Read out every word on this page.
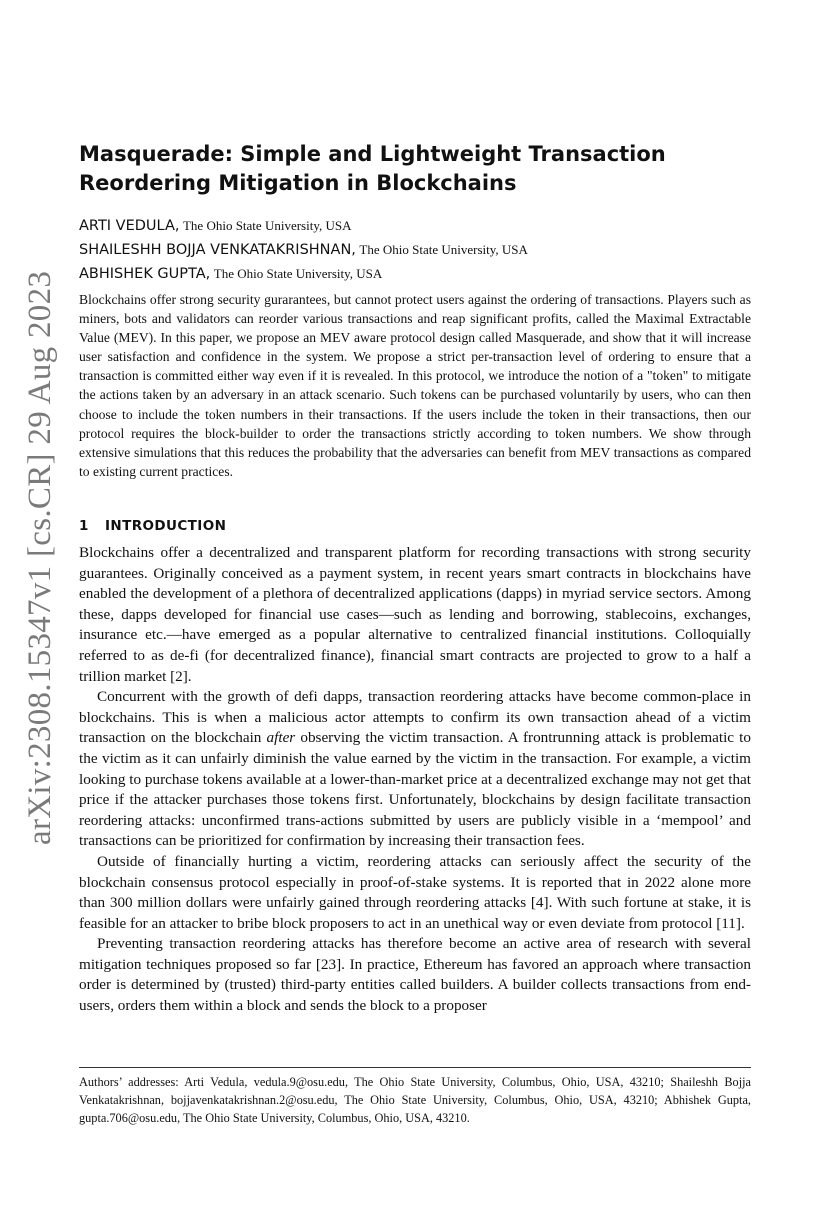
arXiv:2308.15347v1 [cs.CR] 29 Aug 2023
Masquerade: Simple and Lightweight Transaction Reordering Mitigation in Blockchains
ARTI VEDULA, The Ohio State University, USA
SHAILESHH BOJJA VENKATAKRISHNAN, The Ohio State University, USA
ABHISHEK GUPTA, The Ohio State University, USA

Blockchains offer strong security gurarantees, but cannot protect users against the ordering of transactions. Players such as miners, bots and validators can reorder various transactions and reap significant profits, called the Maximal Extractable Value (MEV). In this paper, we propose an MEV aware protocol design called Masquerade, and show that it will increase user satisfaction and confidence in the system. We propose a strict per-transaction level of ordering to ensure that a transaction is committed either way even if it is revealed. In this protocol, we introduce the notion of a "token" to mitigate the actions taken by an adversary in an attack scenario. Such tokens can be purchased voluntarily by users, who can then choose to include the token numbers in their transactions. If the users include the token in their transactions, then our protocol requires the block-builder to order the transactions strictly according to token numbers. We show through extensive simulations that this reduces the probability that the adversaries can benefit from MEV transactions as compared to existing current practices.

1 INTRODUCTION

Blockchains offer a decentralized and transparent platform for recording transactions with strong security guarantees. Originally conceived as a payment system, in recent years smart contracts in blockchains have enabled the development of a plethora of decentralized applications (dapps) in myriad service sectors. Among these, dapps developed for financial use cases—such as lending and borrowing, stablecoins, exchanges, insurance etc.—have emerged as a popular alternative to centralized financial institutions. Colloquially referred to as de-fi (for decentralized finance), financial smart contracts are projected to grow to a half a trillion market [2].

Concurrent with the growth of defi dapps, transaction reordering attacks have become common-place in blockchains. This is when a malicious actor attempts to confirm its own transaction ahead of a victim transaction on the blockchain after observing the victim transaction. A frontrunning attack is problematic to the victim as it can unfairly diminish the value earned by the victim in the transaction. For example, a victim looking to purchase tokens available at a lower-than-market price at a decentralized exchange may not get that price if the attacker purchases those tokens first. Unfortunately, blockchains by design facilitate transaction reordering attacks: unconfirmed trans-actions submitted by users are publicly visible in a ‘mempool’ and transactions can be prioritized for confirmation by increasing their transaction fees.

Outside of financially hurting a victim, reordering attacks can seriously affect the security of the blockchain consensus protocol especially in proof-of-stake systems. It is reported that in 2022 alone more than 300 million dollars were unfairly gained through reordering attacks [4]. With such fortune at stake, it is feasible for an attacker to bribe block proposers to act in an unethical way or even deviate from protocol [11].

Preventing transaction reordering attacks has therefore become an active area of research with several mitigation techniques proposed so far [23]. In practice, Ethereum has favored an approach where transaction order is determined by (trusted) third-party entities called builders. A builder collects transactions from end-users, orders them within a block and sends the block to a proposer

Authors’ addresses: Arti Vedula, vedula.9@osu.edu, The Ohio State University, Columbus, Ohio, USA, 43210; Shaileshh Bojja Venkatakrishnan, bojjavenkatakrishnan.2@osu.edu, The Ohio State University, Columbus, Ohio, USA, 43210; Abhishek Gupta, gupta.706@osu.edu, The Ohio State University, Columbus, Ohio, USA, 43210.
